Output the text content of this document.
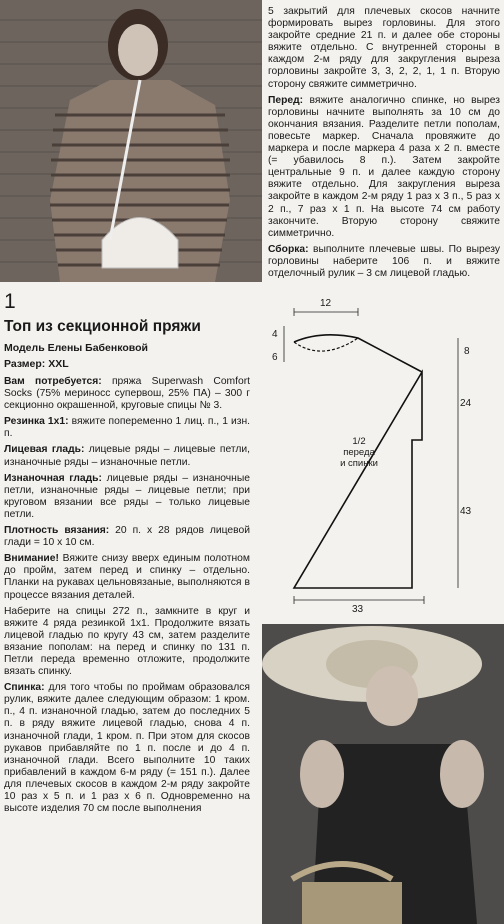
5 закрытий для плечевых скосов начните формировать вырез горловины. Для этого закройте средние 21 п. и далее обе стороны вяжите отдельно. С внутренней стороны в каждом 2-м ряду для закругления выреза горловины закройте 3, 3, 2, 2, 1, 1 п. Вторую сторону свяжите симметрично.

Перед: вяжите аналогично спинке, но вырез горловины начните выполнять за 10 см до окончания вязания. Разделите петли пополам, повесьте маркер. Сначала провяжите до маркера и после маркера 4 раза х 2 п. вместе (= убавилось 8 п.). Затем закройте центральные 9 п. и далее каждую сторону вяжите отдельно. Для закругления выреза закройте в каждом 2-м ряду 1 раз х 3 п., 5 раз х 2 п., 7 раз х 1 п. На высоте 74 см работу закончите. Вторую сторону свяжите симметрично.

Сборка: выполните плечевые швы. По вырезу горловины наберите 106 п. и вяжите отделочный рулик – 3 см лицевой гладью.

1
Топ из секционной пряжи
Модель Елены Бабенковой
Размер: XXL

Вам потребуется: пряжа Superwash Comfort Socks (75% мериносс супервош, 25% ПА) – 300 г секционно окрашенной, круговые спицы № 3.

Резинка 1х1: вяжите попеременно 1 лиц. п., 1 изн. п.

Лицевая гладь: лицевые ряды – лицевые петли, изнаночные ряды – изнаночные петли.

Изнаночная гладь: лицевые ряды – изнаночные петли, изнаночные ряды – лицевые петли; при круговом вязании все ряды – только лицевые петли.

Плотность вязания: 20 п. х 28 рядов лицевой глади = 10 х 10 см.

Внимание! Вяжите снизу вверх единым полотном до пройм, затем перед и спинку – отдельно. Планки на рукавах цельновязаные, выполняются в процессе вязания деталей.

Наберите на спицы 272 п., замкните в круг и вяжите 4 ряда резинкой 1х1. Продолжите вязать лицевой гладью по кругу 43 см, затем разделите вязание пополам: на перед и спинку по 131 п. Петли переда временно отложите, продолжите вязать спинку.

Спинка: для того чтобы по проймам образовался рулик, вяжите далее следующим образом: 1 кром. п., 4 п. изнаночной гладью, затем до последних 5 п. в ряду вяжите лицевой гладью, снова 4 п. изнаночной глади, 1 кром. п. При этом для скосов рукавов прибавляйте по 1 п. после и до 4 п. изнаночной глади. Всего выполните 10 таких прибавлений в каждом 6-м ряду (= 151 п.). Далее для плечевых скосов в каждом 2-м ряду закройте 10 раз х 5 п. и 1 раз х 6 п. Одновременно на высоте изделия 70 см после выполнения

12
4
6
8
24
43
33
1/2
переда
и спинки
